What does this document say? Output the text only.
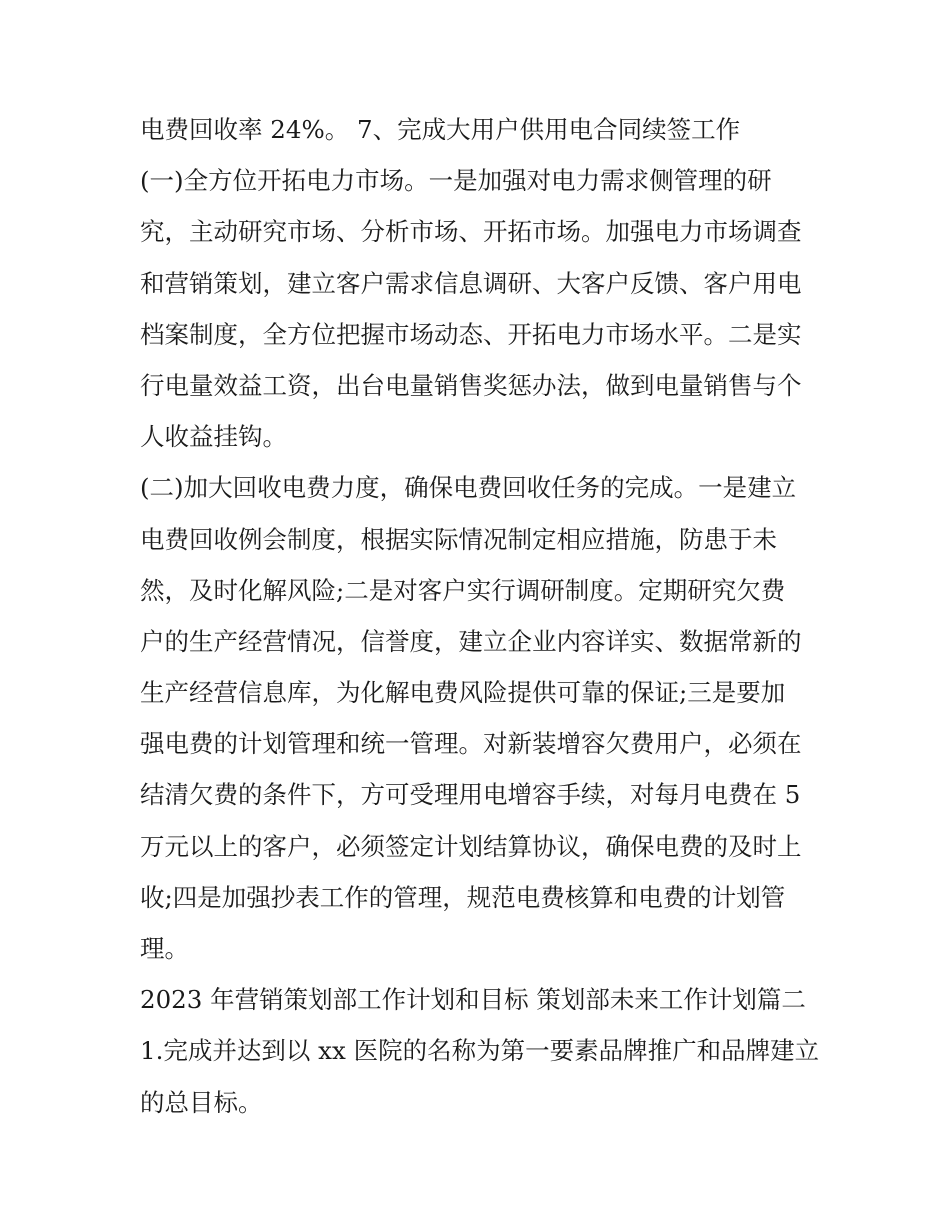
电费回收率 24%。 7、完成大用户供用电合同续签工作
(一)全方位开拓电力市场。一是加强对电力需求侧管理的研
究，主动研究市场、分析市场、开拓市场。加强电力市场调查
和营销策划，建立客户需求信息调研、大客户反馈、客户用电
档案制度，全方位把握市场动态、开拓电力市场水平。二是实
行电量效益工资，出台电量销售奖惩办法，做到电量销售与个
人收益挂钩。
(二)加大回收电费力度，确保电费回收任务的完成。一是建立
电费回收例会制度，根据实际情况制定相应措施，防患于未
然，及时化解风险;二是对客户实行调研制度。定期研究欠费
户的生产经营情况，信誉度，建立企业内容详实、数据常新的
生产经营信息库，为化解电费风险提供可靠的保证;三是要加
强电费的计划管理和统一管理。对新装增容欠费用户，必须在
结清欠费的条件下，方可受理用电增容手续，对每月电费在 5
万元以上的客户，必须签定计划结算协议，确保电费的及时上
收;四是加强抄表工作的管理，规范电费核算和电费的计划管
理。
2023 年营销策划部工作计划和目标 策划部未来工作计划篇二
1.完成并达到以 xx 医院的名称为第一要素品牌推广和品牌建立
的总目标。
